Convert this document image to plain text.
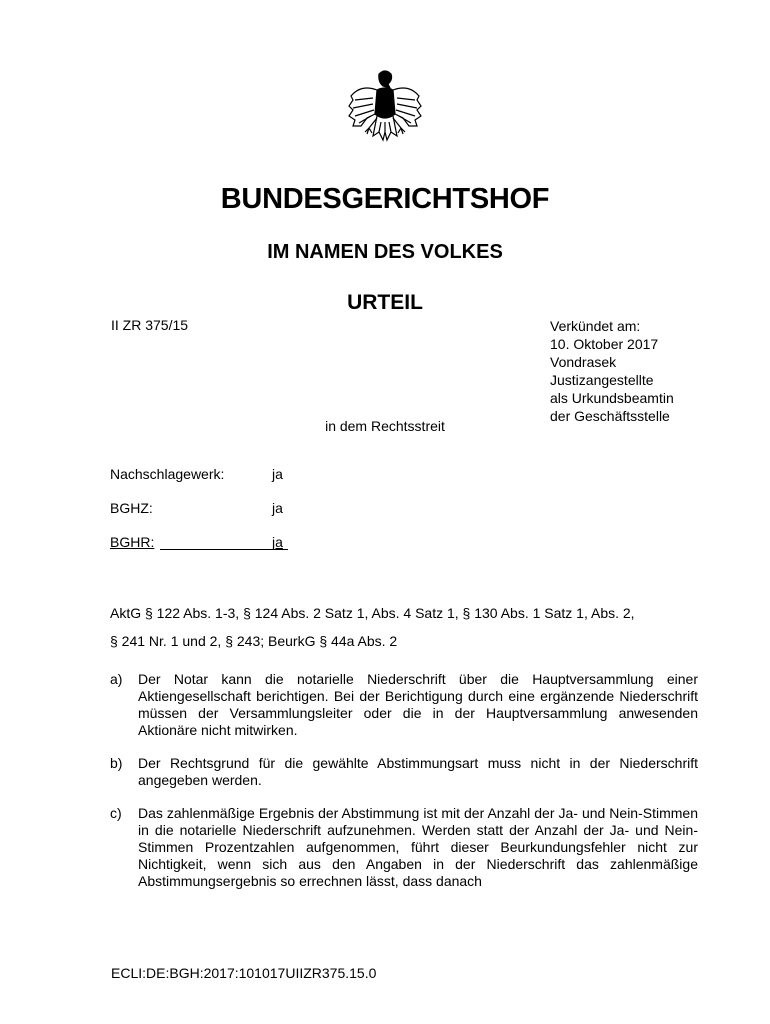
BUNDESGERICHTSHOF
IM NAMEN DES VOLKES
URTEIL
II ZR 375/15	Verkündet am:
10. Oktober 2017
Vondrasek
Justizangestellte
als Urkundsbeamtin
der Geschäftsstelle
in dem Rechtsstreit
Nachschlagewerk:	ja
BGHZ:	ja
BGHR:	ja
AktG § 122 Abs. 1-3, § 124 Abs. 2 Satz 1, Abs. 4 Satz 1, § 130 Abs. 1 Satz 1, Abs. 2,
§ 241 Nr. 1 und 2, § 243; BeurkG § 44a Abs. 2
a) Der Notar kann die notarielle Niederschrift über die Hauptversammlung einer Aktiengesellschaft berichtigen. Bei der Berichtigung durch eine ergänzende Niederschrift müssen der Versammlungsleiter oder die in der Hauptversammlung anwesenden Aktionäre nicht mitwirken.
b) Der Rechtsgrund für die gewählte Abstimmungsart muss nicht in der Niederschrift angegeben werden.
c) Das zahlenmäßige Ergebnis der Abstimmung ist mit der Anzahl der Ja- und Nein-Stimmen in die notarielle Niederschrift aufzunehmen. Werden statt der Anzahl der Ja- und Nein-Stimmen Prozentzahlen aufgenommen, führt dieser Beurkundungsfehler nicht zur Nichtigkeit, wenn sich aus den Angaben in der Niederschrift das zahlenmäßige Abstimmungsergebnis so errechnen lässt, dass danach
ECLI:DE:BGH:2017:101017UIIZR375.15.0
